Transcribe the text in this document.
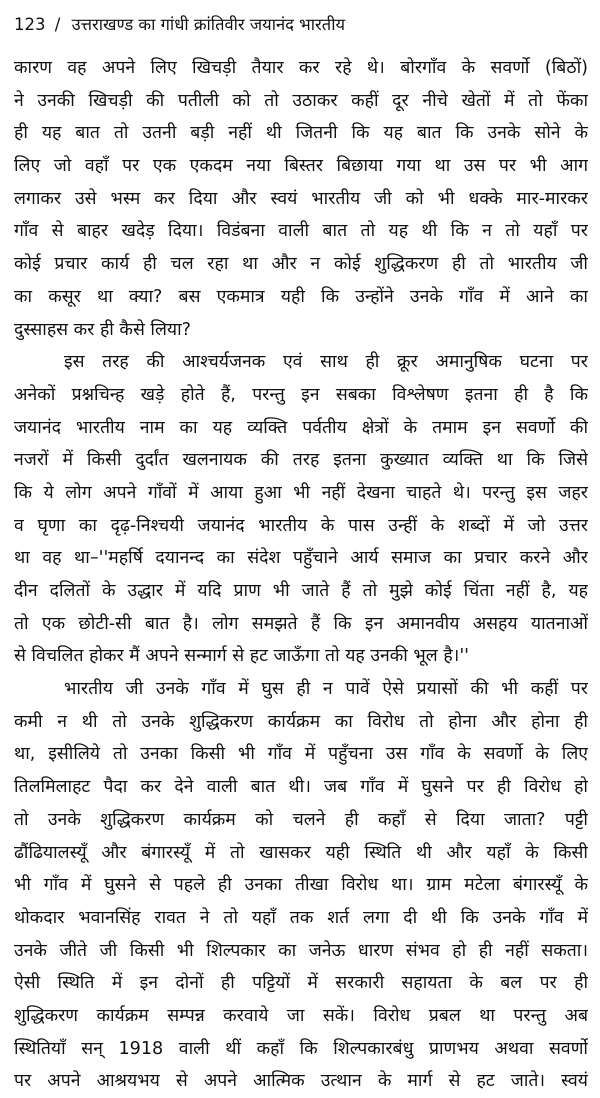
123 / उत्तराखण्ड का गांधी क्रांतिवीर जयानंद भारतीय
कारण वह अपने लिए खिचड़ी तैयार कर रहे थे। बोरगाँव के सवर्णो (बिठों)
ने उनकी खिचड़ी की पतीली को तो उठाकर कहीं दूर नीचे खेतों में तो फेंका
ही यह बात तो उतनी बड़ी नहीं थी जितनी कि यह बात कि उनके सोने के
लिए जो वहाँ पर एक एकदम नया बिस्तर बिछाया गया था उस पर भी आग
लगाकर उसे भस्म कर दिया और स्वयं भारतीय जी को भी धक्के मार-मारकर
गाँव से बाहर खदेड़ दिया। विडंबना वाली बात तो यह थी कि न तो यहाँ पर
कोई प्रचार कार्य ही चल रहा था और न कोई शुद्धिकरण ही तो भारतीय जी
का कसूर था क्या? बस एकमात्र यही कि उन्होंने उनके गाँव में आने का
दुस्साहस कर ही कैसे लिया?
इस तरह की आश्चर्यजनक एवं साथ ही क्रूर अमानुषिक घटना पर
अनेकों प्रश्नचिन्ह खड़े होते हैं, परन्तु इन सबका विश्लेषण इतना ही है कि
जयानंद भारतीय नाम का यह व्यक्ति पर्वतीय क्षेत्रों के तमाम इन सवर्णो की
नजरों में किसी दुर्दांत खलनायक की तरह इतना कुख्यात व्यक्ति था कि जिसे
कि ये लोग अपने गाँवों में आया हुआ भी नहीं देखना चाहते थे। परन्तु इस जहर
व घृणा का दृढ़-निश्चयी जयानंद भारतीय के पास उन्हीं के शब्दों में जो उत्तर
था वह था–''महर्षि दयानन्द का संदेश पहुँचाने आर्य समाज का प्रचार करने और
दीन दलितों के उद्धार में यदि प्राण भी जाते हैं तो मुझे कोई चिंता नहीं है, यह
तो एक छोटी-सी बात है। लोग समझते हैं कि इन अमानवीय असहय यातनाओं
से विचलित होकर मैं अपने सन्मार्ग से हट जाऊँगा तो यह उनकी भूल है।''
भारतीय जी उनके गाँव में घुस ही न पावें ऐसे प्रयासों की भी कहीं पर
कमी न थी तो उनके शुद्धिकरण कार्यक्रम का विरोध तो होना और होना ही
था, इसीलिये तो उनका किसी भी गाँव में पहुँचना उस गाँव के सवर्णो के लिए
तिलमिलाहट पैदा कर देने वाली बात थी। जब गाँव में घुसने पर ही विरोध हो
तो उनके शुद्धिकरण कार्यक्रम को चलने ही कहाँ से दिया जाता? पट्टी
ढौंढियालस्यूँ और बंगारस्यूँ में तो खासकर यही स्थिति थी और यहाँ के किसी
भी गाँव में घुसने से पहले ही उनका तीखा विरोध था। ग्राम मटेला बंगारस्यूँ के
थोकदार भवानसिंह रावत ने तो यहाँ तक शर्त लगा दी थी कि उनके गाँव में
उनके जीते जी किसी भी शिल्पकार का जनेऊ धारण संभव हो ही नहीं सकता।
ऐसी स्थिति में इन दोनों ही पट्टियों में सरकारी सहायता के बल पर ही
शुद्धिकरण कार्यक्रम सम्पन्न करवाये जा सकें। विरोध प्रबल था परन्तु अब
स्थितियाँ सन् 1918 वाली थीं कहाँ कि शिल्पकारबंधु प्राणभय अथवा सवर्णो
पर अपने आश्रयभय से अपने आत्मिक उत्थान के मार्ग से हट जाते। स्वयं
